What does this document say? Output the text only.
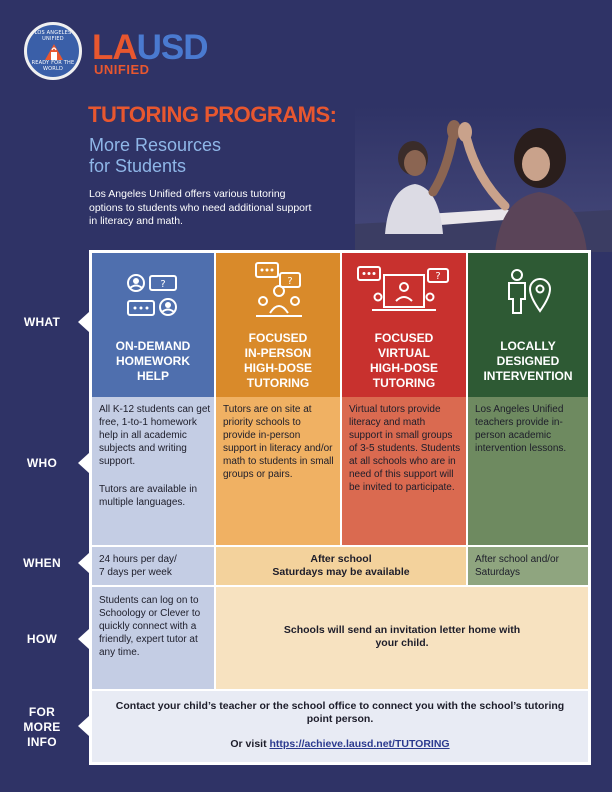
LOS ANGELES UNIFIED
READY FOR THE WORLD
LAUSD
UNIFIED
TUTORING PROGRAMS:
More Resources
for Students
Los Angeles Unified offers various tutoring options to students who need additional support in literacy and math.
WHAT
WHO
WHEN
HOW
FOR
MORE
INFO
?
ON-DEMAND
HOMEWORK
HELP
?
FOCUSED
IN-PERSON
HIGH-DOSE
TUTORING
?
FOCUSED
VIRTUAL
HIGH-DOSE
TUTORING
LOCALLY
DESIGNED
INTERVENTION
All K-12 students can get free, 1-to-1 homework help in all academic subjects and writing support.
Tutors are available in multiple languages.
Tutors are on site at priority schools to provide in-person support in literacy and/or math to students in small groups or pairs.
Virtual tutors provide literacy and math support in small groups of 3-5 students. Students at all schools who are in need of this support will be invited to participate.
Los Angeles Unified teachers provide in-person academic intervention lessons.
24 hours per day/
7 days per week
After school
Saturdays may be available
After school and/or
Saturdays
Students can log on to Schoology or Clever to quickly connect with a friendly, expert tutor at any time.
Schools will send an invitation letter home with
your child.
Contact your child’s teacher or the school office to connect you with the school’s tutoring
point person.
Or visit https://achieve.lausd.net/TUTORING
